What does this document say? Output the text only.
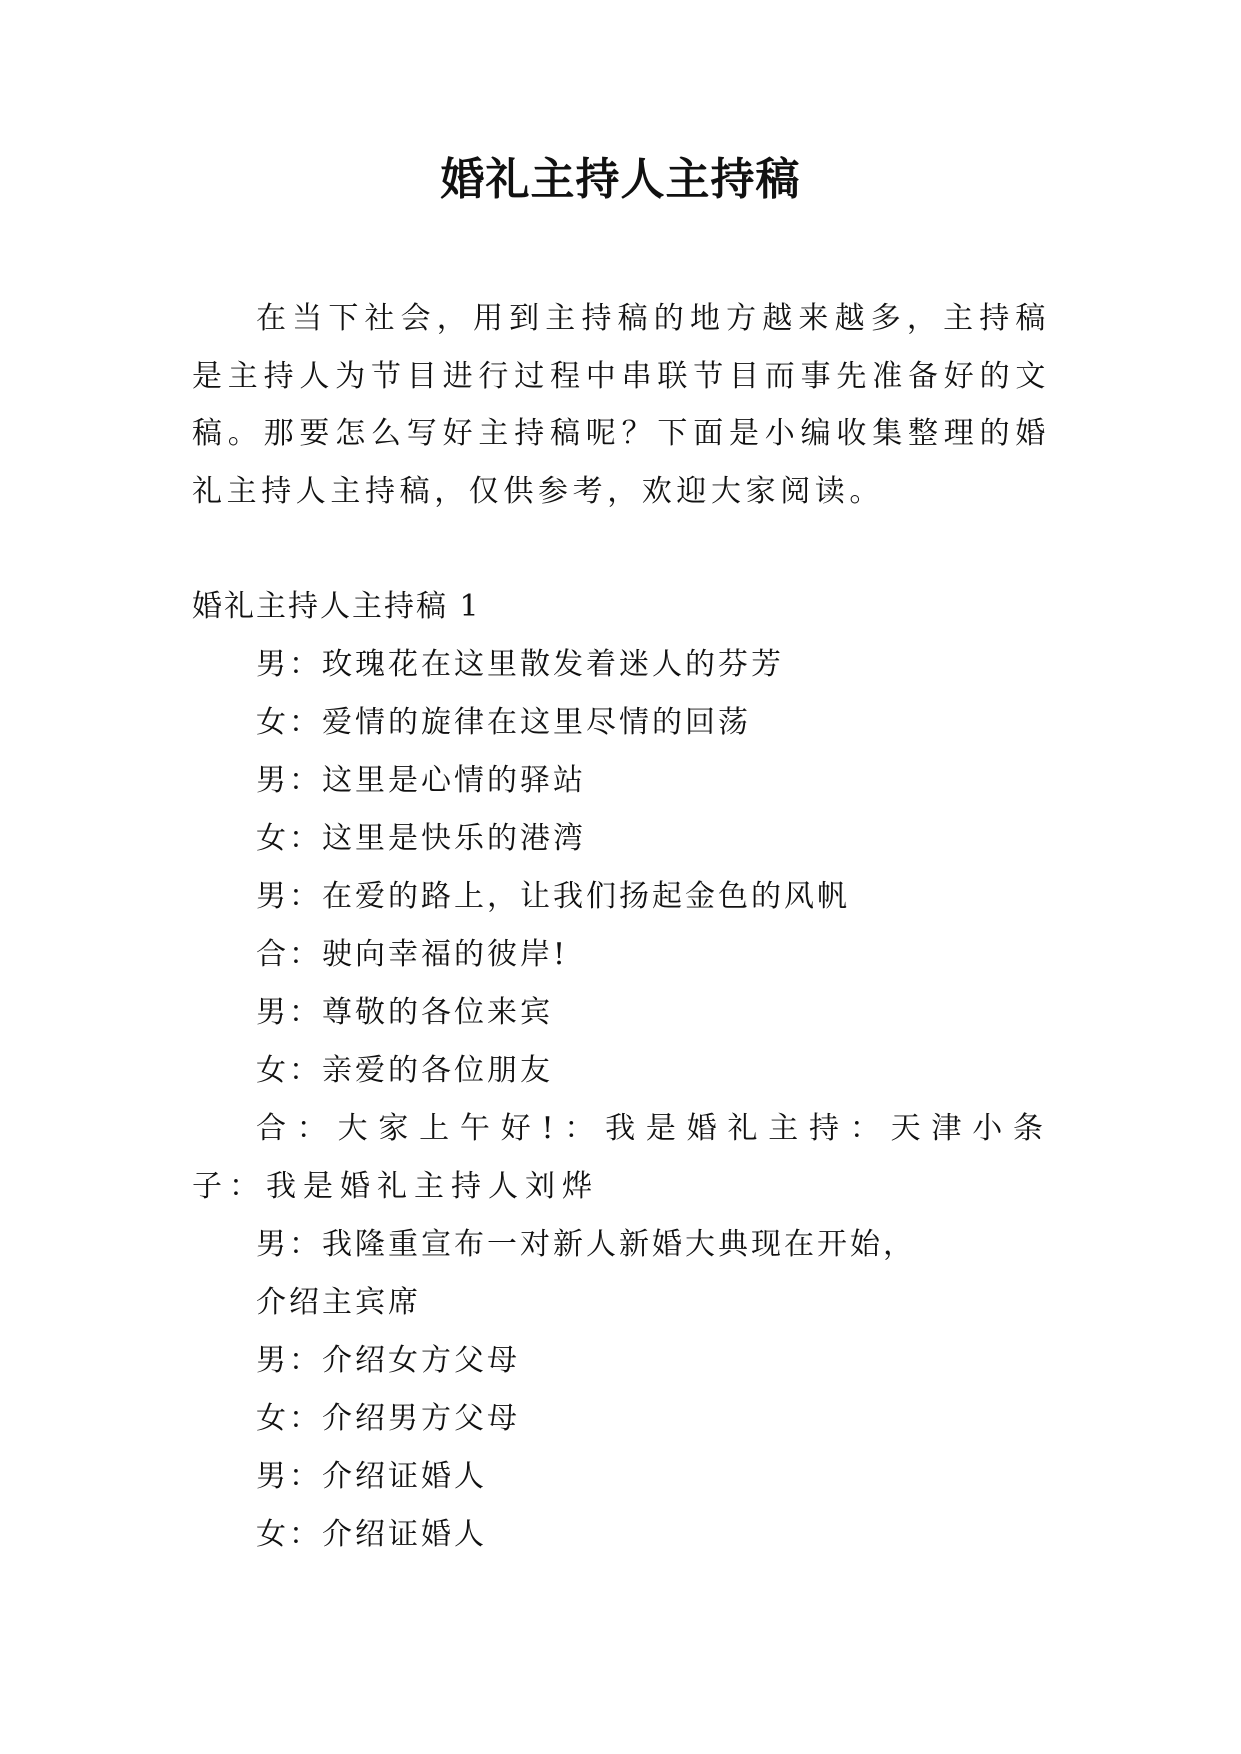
婚礼主持人主持稿

在当下社会，用到主持稿的地方越来越多，主持稿是主持人为节目进行过程中串联节目而事先准备好的文稿。那要怎么写好主持稿呢？下面是小编收集整理的婚礼主持人主持稿，仅供参考，欢迎大家阅读。

婚礼主持人主持稿 1

男：玫瑰花在这里散发着迷人的芬芳
女：爱情的旋律在这里尽情的回荡
男：这里是心情的驿站
女：这里是快乐的港湾
男：在爱的路上，让我们扬起金色的风帆
合：驶向幸福的彼岸!
男：尊敬的各位来宾
女：亲爱的各位朋友
合：大家上午好!：我是婚礼主持：天津小条子：我是婚礼主持人刘烨
男：我隆重宣布一对新人新婚大典现在开始，
介绍主宾席
男：介绍女方父母
女：介绍男方父母
男：介绍证婚人
女：介绍证婚人
